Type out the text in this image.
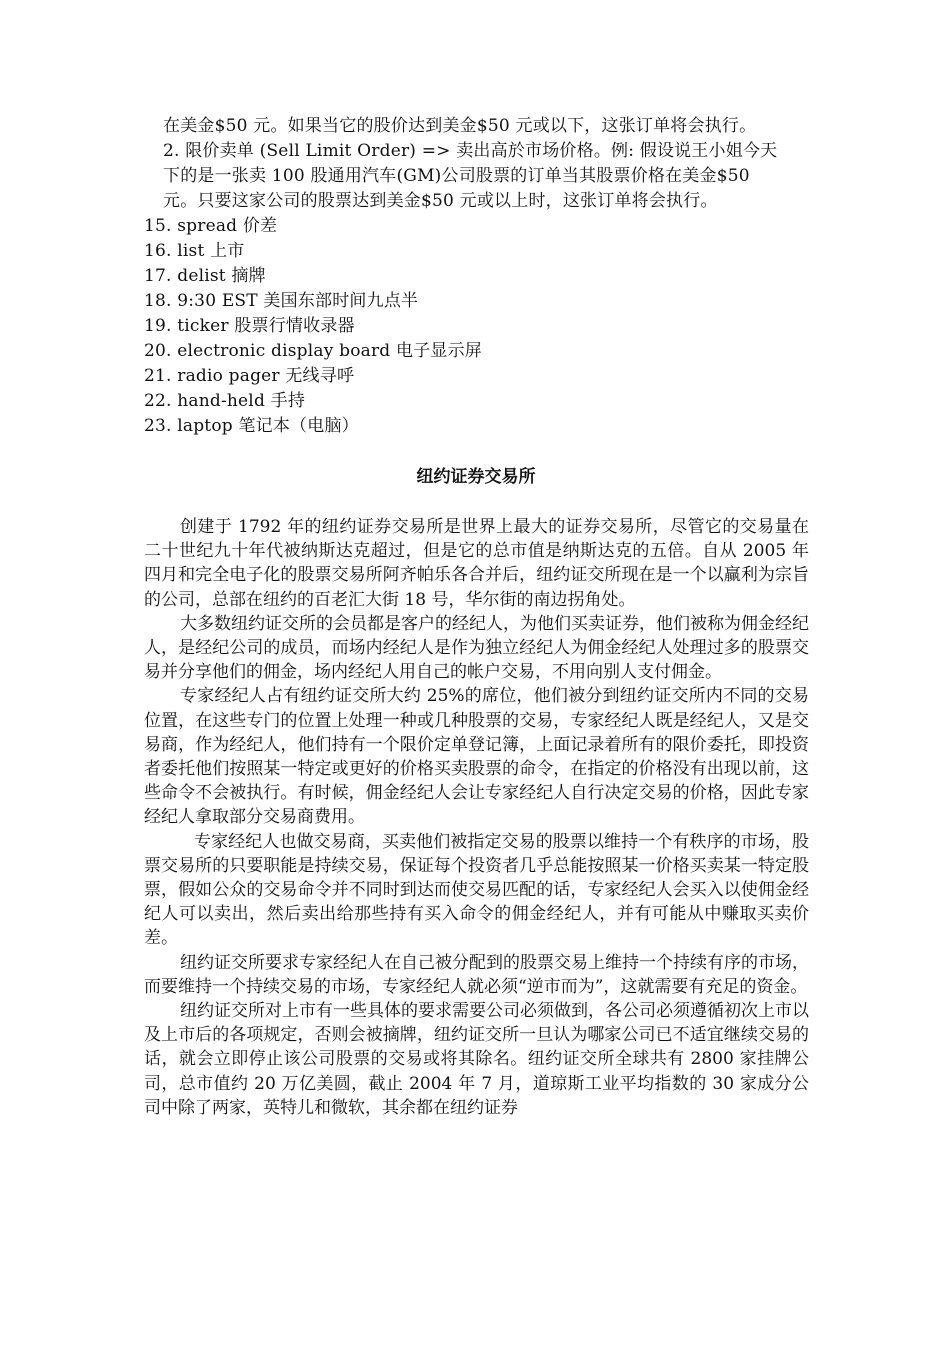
在美金$50 元。如果当它的股价达到美金$50 元或以下，这张订单将会执行。
2. 限价卖单 (Sell Limit Order) => 卖出高於市场价格。例: 假设说王小姐今天
下的是一张卖 100 股通用汽车(GM)公司股票的订单当其股票价格在美金$50
元。只要这家公司的股票达到美金$50 元或以上时，这张订单将会执行。
15. spread 价差
16. list 上市
17. delist 摘牌
18. 9:30 EST 美国东部时间九点半
19. ticker 股票行情收录器
20. electronic display board 电子显示屏
21. radio pager 无线寻呼
22. hand-held 手持
23. laptop 笔记本（电脑）
纽约证券交易所

创建于 1792 年的纽约证券交易所是世界上最大的证券交易所，尽管它的交易量在二十世纪九十年代被纳斯达克超过，但是它的总市值是纳斯达克的五倍。自从 2005 年四月和完全电子化的股票交易所阿齐帕乐各合并后，纽约证交所现在是一个以赢利为宗旨的公司，总部在纽约的百老汇大街 18 号，华尔街的南边拐角处。

大多数纽约证交所的会员都是客户的经纪人，为他们买卖证券，他们被称为佣金经纪人，是经纪公司的成员，而场内经纪人是作为独立经纪人为佣金经纪人处理过多的股票交易并分享他们的佣金，场内经纪人用自己的帐户交易，不用向别人支付佣金。

专家经纪人占有纽约证交所大约 25%的席位，他们被分到纽约证交所内不同的交易位置，在这些专门的位置上处理一种或几种股票的交易，专家经纪人既是经纪人，又是交易商，作为经纪人，他们持有一个限价定单登记簿，上面记录着所有的限价委托，即投资者委托他们按照某一特定或更好的价格买卖股票的命令，在指定的价格没有出现以前，这些命令不会被执行。有时候，佣金经纪人会让专家经纪人自行决定交易的价格，因此专家经纪人拿取部分交易商费用。

专家经纪人也做交易商，买卖他们被指定交易的股票以维持一个有秩序的市场，股票交易所的只要职能是持续交易，保证每个投资者几乎总能按照某一价格买卖某一特定股票，假如公众的交易命令并不同时到达而使交易匹配的话，专家经纪人会买入以使佣金经纪人可以卖出，然后卖出给那些持有买入命令的佣金经纪人，并有可能从中赚取买卖价差。

纽约证交所要求专家经纪人在自己被分配到的股票交易上维持一个持续有序的市场，而要维持一个持续交易的市场，专家经纪人就必须“逆市而为”，这就需要有充足的资金。

纽约证交所对上市有一些具体的要求需要公司必须做到，各公司必须遵循初次上市以及上市后的各项规定，否则会被摘牌，纽约证交所一旦认为哪家公司已不适宜继续交易的话，就会立即停止该公司股票的交易或将其除名。纽约证交所全球共有 2800 家挂牌公司，总市值约 20 万亿美圆，截止 2004 年 7 月，道琼斯工业平均指数的 30 家成分公司中除了两家，英特儿和微软，其余都在纽约证券
